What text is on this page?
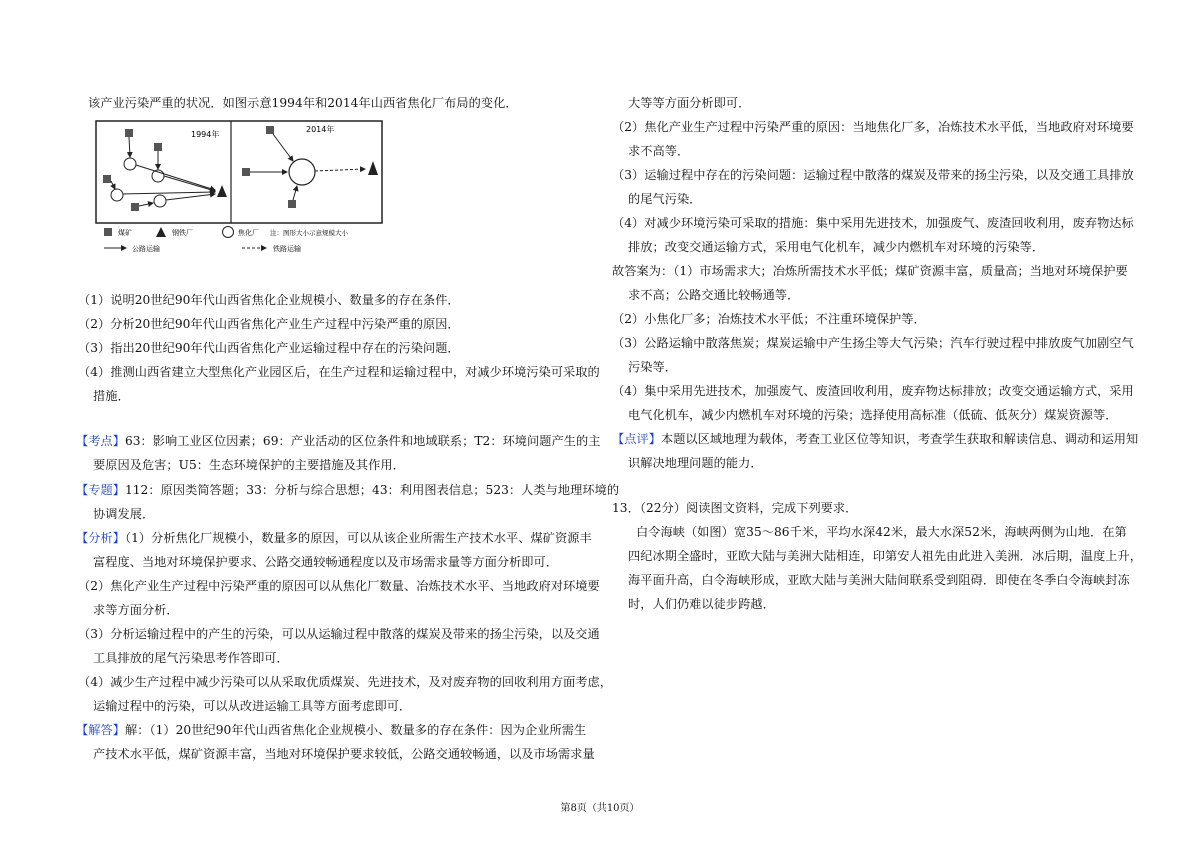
该产业污染严重的状况．如图示意1994年和2014年山西省焦化厂布局的变化．
1994年
2014年
煤矿	钢铁厂	焦化厂 注：图形大小示意规模大小
公路运输	铁路运输
（1）说明20世纪90年代山西省焦化企业规模小、数量多的存在条件．
（2）分析20世纪90年代山西省焦化产业生产过程中污染严重的原因．
（3）指出20世纪90年代山西省焦化产业运输过程中存在的污染问题．
（4）推测山西省建立大型焦化产业园区后，在生产过程和运输过程中，对减少环境污染可采取的
措施．
【考点】63：影响工业区位因素；69：产业活动的区位条件和地域联系；T2：环境问题产生的主
要原因及危害；U5：生态环境保护的主要措施及其作用．
【专题】112：原因类简答题；33：分析与综合思想；43：利用图表信息；523：人类与地理环境的
协调发展．
【分析】（1）分析焦化厂规模小，数量多的原因，可以从该企业所需生产技术水平、煤矿资源丰
富程度、当地对环境保护要求、公路交通较畅通程度以及市场需求量等方面分析即可．
（2）焦化产业生产过程中污染严重的原因可以从焦化厂数量、冶炼技术水平、当地政府对环境要
求等方面分析．
（3）分析运输过程中的产生的污染，可以从运输过程中散落的煤炭及带来的扬尘污染，以及交通
工具排放的尾气污染思考作答即可．
（4）减少生产过程中减少污染可以从采取优质煤炭、先进技术，及对废弃物的回收利用方面考虑，
运输过程中的污染，可以从改进运输工具等方面考虑即可．
【解答】解：（1）20世纪90年代山西省焦化企业规模小、数量多的存在条件：因为企业所需生
产技术水平低，煤矿资源丰富，当地对环境保护要求较低，公路交通较畅通，以及市场需求量
大等等方面分析即可．
（2）焦化产业生产过程中污染严重的原因：当地焦化厂多，冶炼技术水平低，当地政府对环境要
求不高等．
（3）运输过程中存在的污染问题：运输过程中散落的煤炭及带来的扬尘污染，以及交通工具排放
的尾气污染．
（4）对减少环境污染可采取的措施：集中采用先进技术，加强废气、废渣回收利用，废弃物达标
排放；改变交通运输方式，采用电气化机车，减少内燃机车对环境的污染等．
故答案为：（1）市场需求大；冶炼所需技术水平低；煤矿资源丰富，质量高；当地对环境保护要
求不高；公路交通比较畅通等．
（2）小焦化厂多；冶炼技术水平低；不注重环境保护等．
（3）公路运输中散落焦炭；煤炭运输中产生扬尘等大气污染；汽车行驶过程中排放废气加剧空气
污染等．
（4）集中采用先进技术，加强废气、废渣回收利用，废弃物达标排放；改变交通运输方式，采用
电气化机车，减少内燃机车对环境的污染；选择使用高标准（低硫、低灰分）煤炭资源等．
【点评】本题以区域地理为载体，考查工业区位等知识，考查学生获取和解读信息、调动和运用知
识解决地理问题的能力．
13．（22分）阅读图文资料，完成下列要求．
白令海峡（如图）宽35～86千米，平均水深42米，最大水深52米，海峡两侧为山地．在第
四纪冰期全盛时，亚欧大陆与美洲大陆相连，印第安人祖先由此进入美洲．冰后期，温度上升，
海平面升高，白令海峡形成，亚欧大陆与美洲大陆间联系受到阻碍．即使在冬季白令海峡封冻
时，人们仍难以徒步跨越．
第8页（共10页）
